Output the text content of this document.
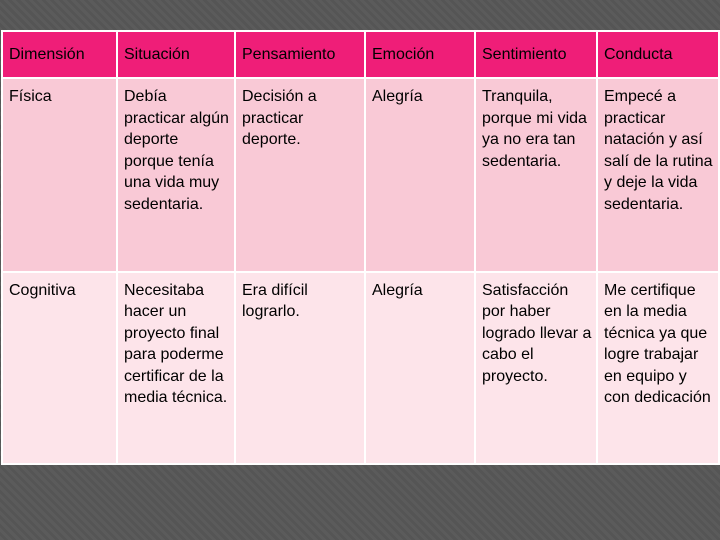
Dimensión	Situación	Pensamiento	Emoción	Sentimiento	Conducta

Física	Debía practicar algún deporte porque tenía una vida muy sedentaria.	Decisión a practicar deporte.	Alegría	Tranquila, porque mi vida ya no era tan sedentaria.	Empecé a practicar natación y así salí de la rutina y deje la vida sedentaria.

Cognitiva	Necesitaba hacer un proyecto final para poderme certificar de la media técnica.	Era difícil lograrlo.	Alegría	Satisfacción por haber logrado llevar a cabo el proyecto.	Me certifique en la media técnica ya que logre trabajar en equipo y con dedicación
